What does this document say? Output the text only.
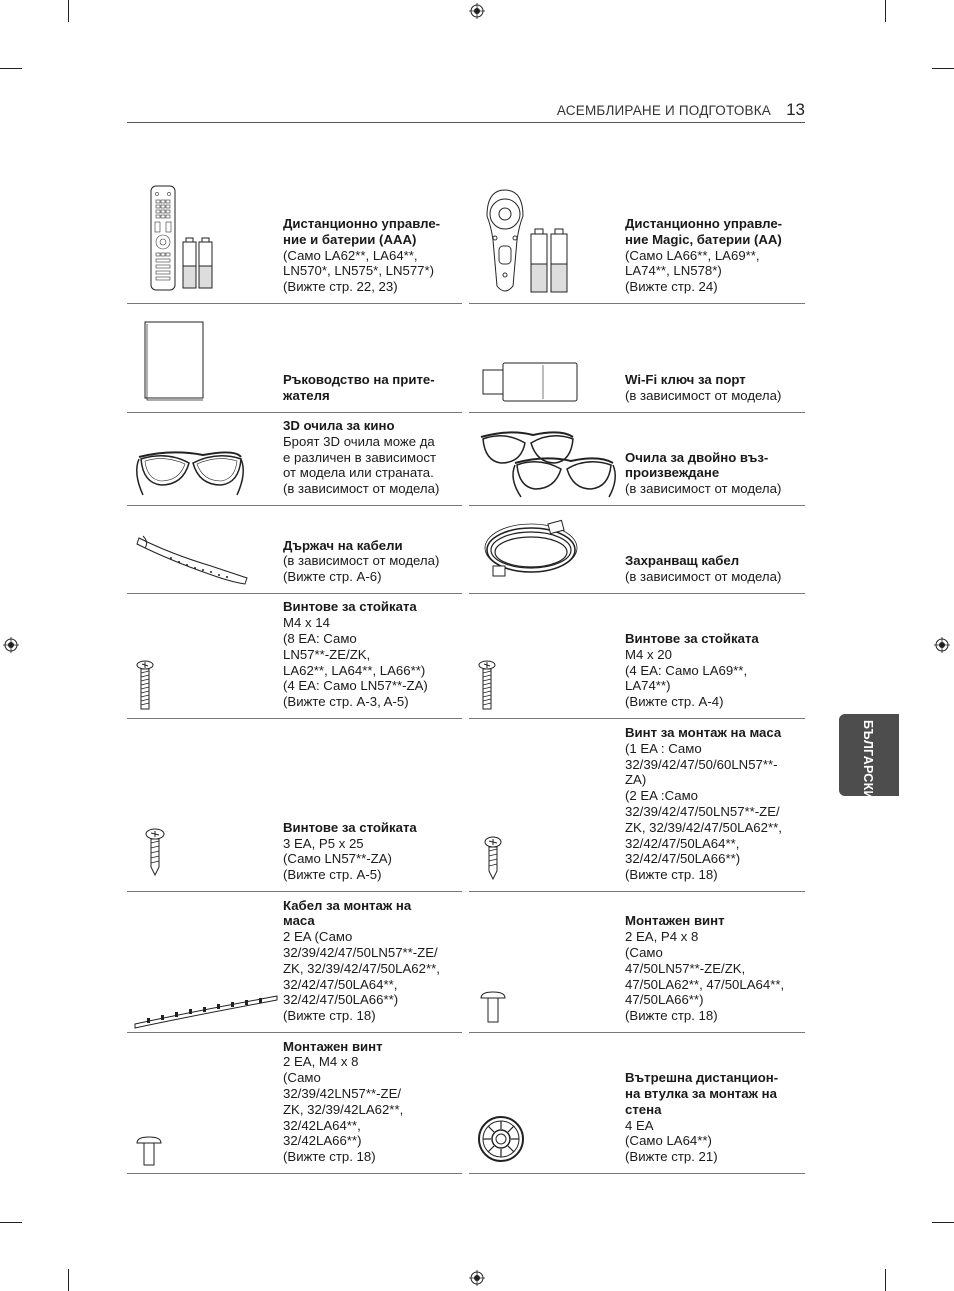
АСЕМБЛИРАНЕ И ПОДГОТОВКА 13
БЪЛГАРСКИ
Дистанционно управле-
ние и батерии (AAA)
(Само LA62**, LA64**,
LN570*, LN575*, LN577*)
(Вижте стр. 22, 23)
Дистанционно управле-
ние Magic, батерии (AA)
(Само LA66**, LA69**,
LA74**, LN578*)
(Вижте стр. 24)
Ръководство на прите-
жателя
Wi-Fi ключ за порт
(в зависимост от модела)
3D очила за кино
Броят 3D очила може да
е различен в зависимост
от модела или страната.
(в зависимост от модела)
Очила за двойно въз-
произвеждане
(в зависимост от модела)
Държач на кабели
(в зависимост от модела)
(Вижте стр. A-6)
Захранващ кабел
(в зависимост от модела)
Винтове за стойката
M4 x 14
(8 EA: Само
LN57**-ZE/ZK,
LA62**, LA64**, LA66**)
(4 EA: Само LN57**-ZA)
(Вижте стр. A-3, A-5)
Винтове за стойката
M4 x 20
(4 EA: Само LA69**,
LA74**)
(Вижте стр. A-4)
Винтове за стойката
3 EA, P5 x 25
(Само LN57**-ZA)
(Вижте стр. A-5)
Винт за монтаж на маса
(1 EA : Само
32/39/42/47/50/60LN57**-
ZA)
(2 EA :Само
32/39/42/47/50LN57**-ZE/
ZK, 32/39/42/47/50LA62**,
32/42/47/50LA64**,
32/42/47/50LA66**)
(Вижте стр. 18)
Кабел за монтаж на
маса
2 EA (Само
32/39/42/47/50LN57**-ZE/
ZK, 32/39/42/47/50LA62**,
32/42/47/50LA64**,
32/42/47/50LA66**)
(Вижте стр. 18)
Монтажен винт
2 EA, P4 x 8
(Само
47/50LN57**-ZE/ZK,
47/50LA62**, 47/50LA64**,
47/50LA66**)
(Вижте стр. 18)
Монтажен винт
2 EA, M4 x 8
(Само
32/39/42LN57**-ZE/
ZK, 32/39/42LA62**,
32/42LA64**,
32/42LA66**)
(Вижте стр. 18)
Вътрешна дистанцион-
на втулка за монтаж на
стена
4 EA
(Само LA64**)
(Вижте стр. 21)
